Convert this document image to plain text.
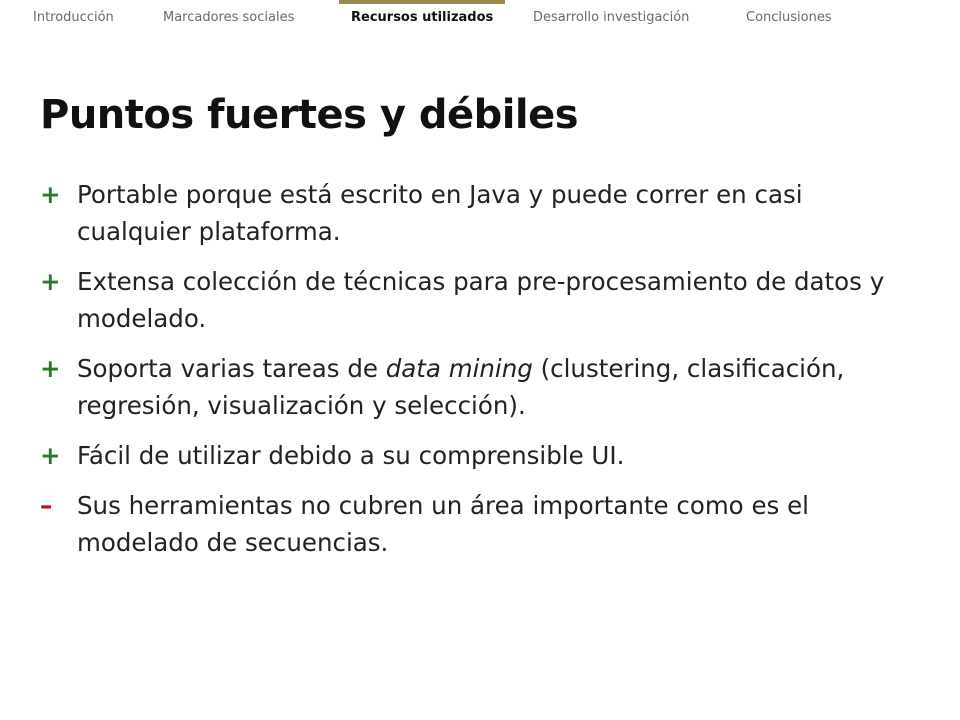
Introducción	Marcadores sociales	Recursos utilizados	Desarrollo investigación	Conclusiones
Puntos fuertes y débiles
+ Portable porque está escrito en Java y puede correr en casi cualquier plataforma.
+ Extensa colección de técnicas para pre-procesamiento de datos y modelado.
+ Soporta varias tareas de data mining (clustering, clasificación, regresión, visualización y selección).
+ Fácil de utilizar debido a su comprensible UI.
–	Sus herramientas no cubren un área importante como es el modelado de secuencias.
